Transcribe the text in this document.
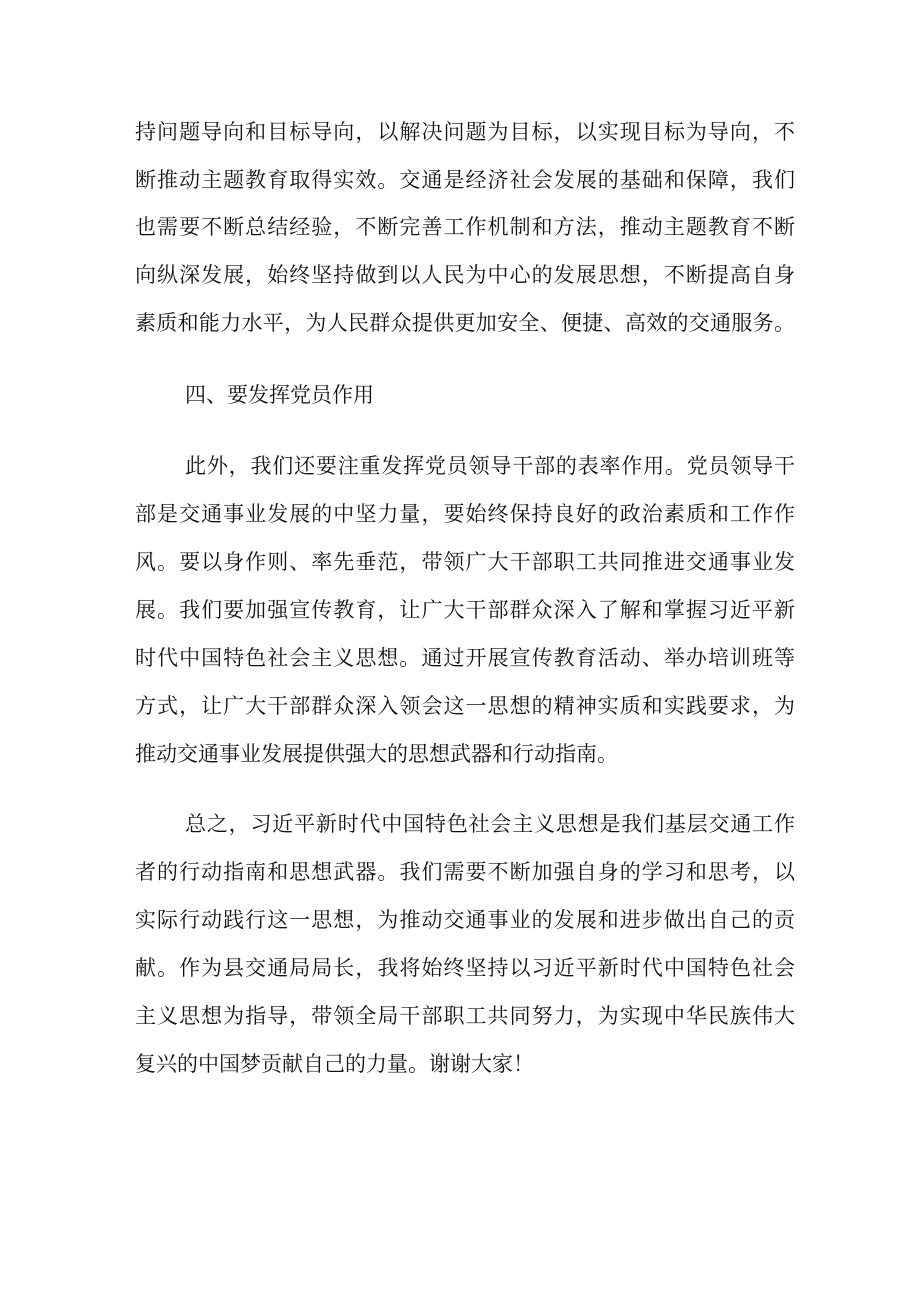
持问题导向和目标导向，以解决问题为目标，以实现目标为导向，不
断推动主题教育取得实效。交通是经济社会发展的基础和保障，我们
也需要不断总结经验，不断完善工作机制和方法，推动主题教育不断
向纵深发展，始终坚持做到以人民为中心的发展思想，不断提高自身
素质和能力水平，为人民群众提供更加安全、便捷、高效的交通服务。
四、要发挥党员作用
此外，我们还要注重发挥党员领导干部的表率作用。党员领导干
部是交通事业发展的中坚力量，要始终保持良好的政治素质和工作作
风。要以身作则、率先垂范，带领广大干部职工共同推进交通事业发
展。我们要加强宣传教育，让广大干部群众深入了解和掌握习近平新
时代中国特色社会主义思想。通过开展宣传教育活动、举办培训班等
方式，让广大干部群众深入领会这一思想的精神实质和实践要求，为
推动交通事业发展提供强大的思想武器和行动指南。
总之，习近平新时代中国特色社会主义思想是我们基层交通工作
者的行动指南和思想武器。我们需要不断加强自身的学习和思考，以
实际行动践行这一思想，为推动交通事业的发展和进步做出自己的贡
献。作为县交通局局长，我将始终坚持以习近平新时代中国特色社会
主义思想为指导，带领全局干部职工共同努力，为实现中华民族伟大
复兴的中国梦贡献自己的力量。谢谢大家！
